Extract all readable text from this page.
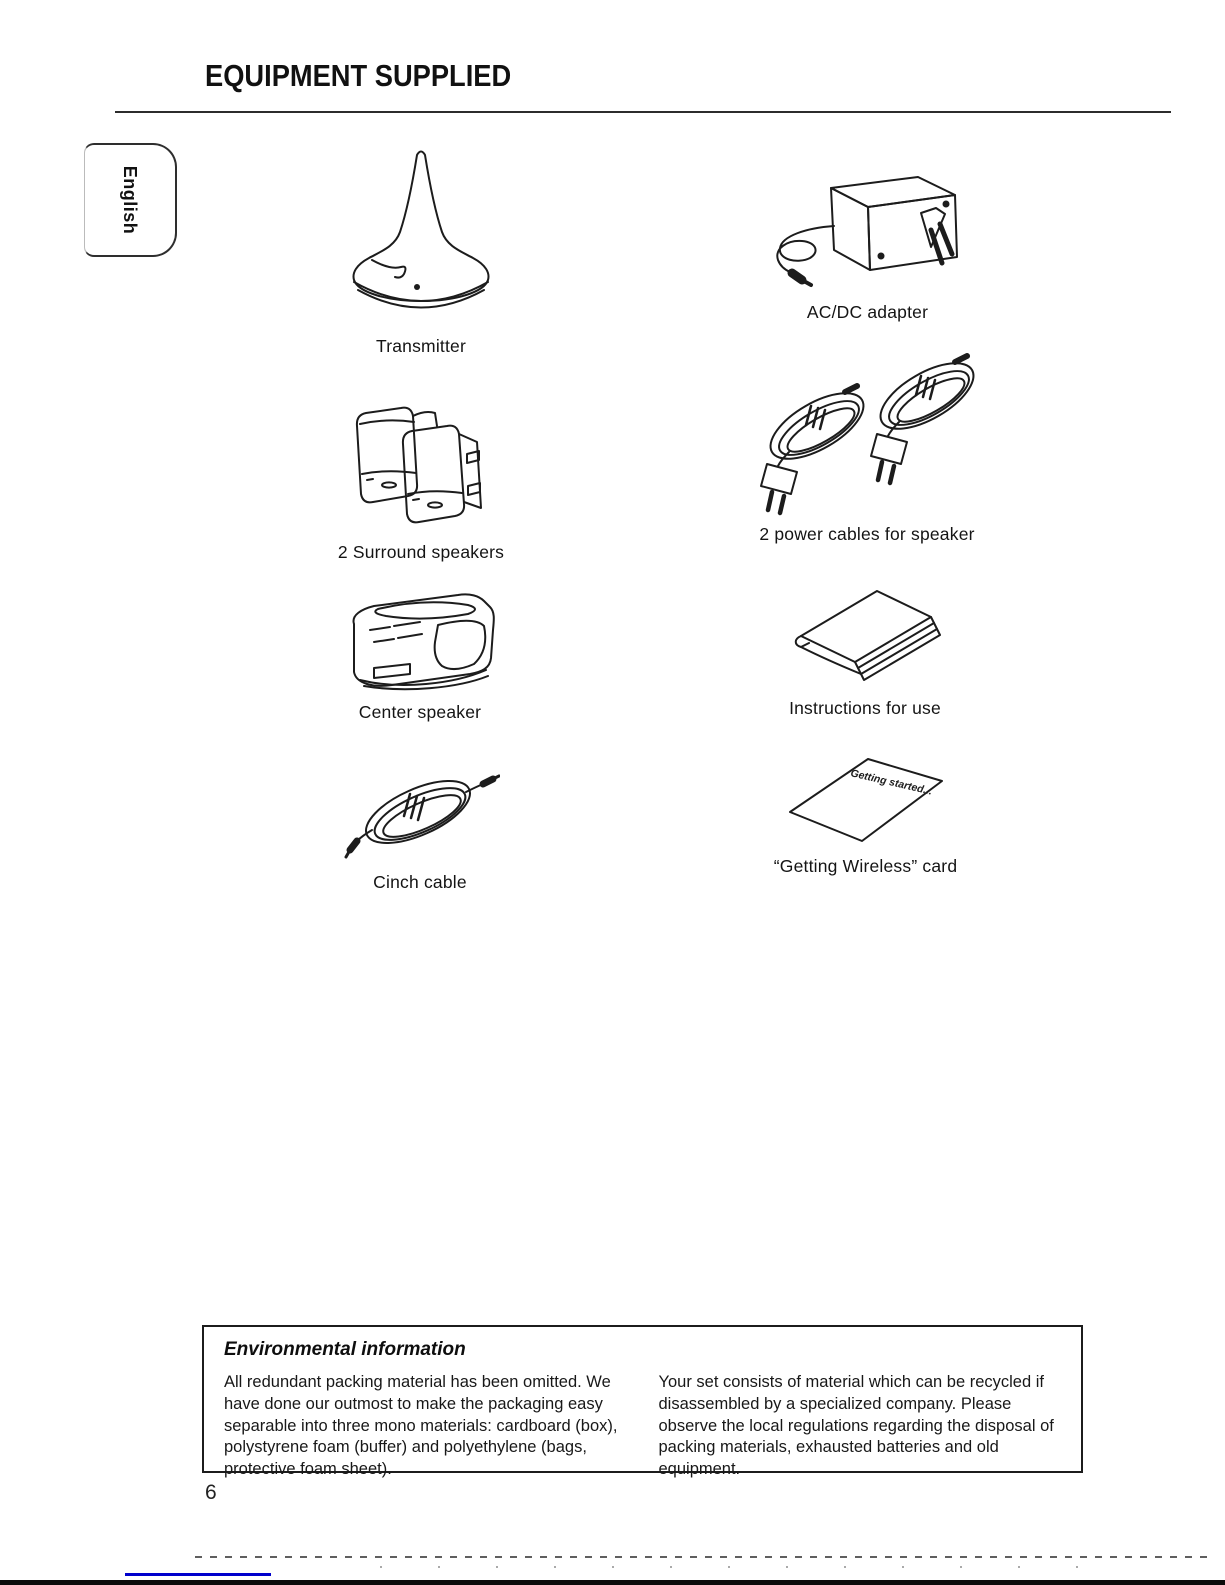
EQUIPMENT SUPPLIED
English
Transmitter
2 Surround speakers
Center speaker
Cinch cable
AC/DC adapter
2 power cables for speaker
Instructions for use
Getting started...
“Getting Wireless” card
Environmental information
All redundant packing material has been omitted. We have done our outmost to make the packaging easy separable into three mono materials: cardboard (box), polystyrene foam (buffer) and polyethylene (bags, protective foam sheet).
Your set consists of material which can be recycled if disassembled by a specialized company. Please observe the local regulations regarding the disposal of packing materials, exhausted batteries and old equipment.
6
